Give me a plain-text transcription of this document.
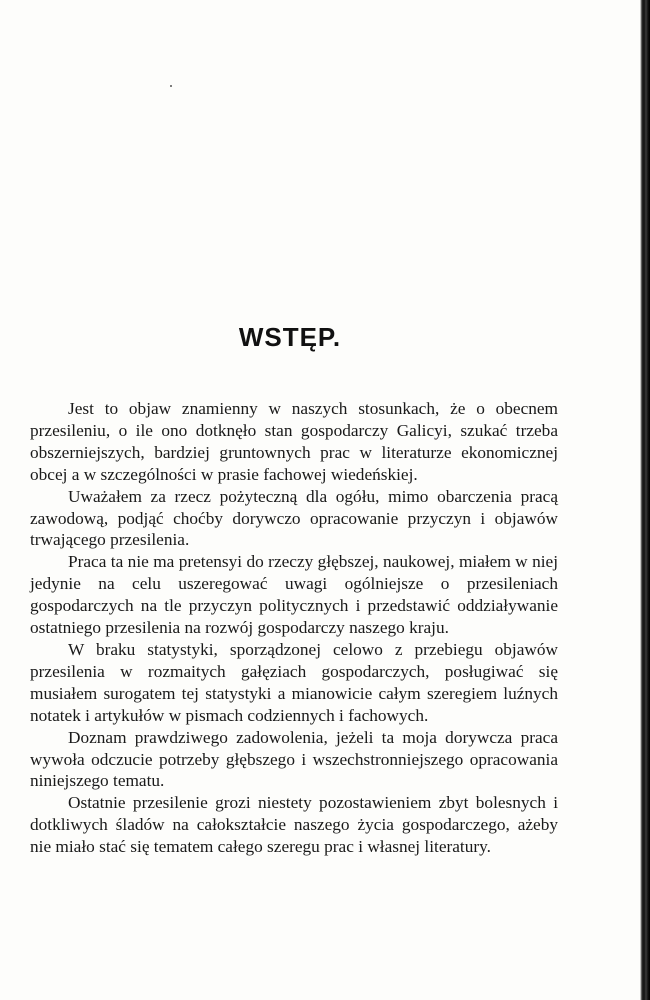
WSTĘP.

Jest to objaw znamienny w naszych stosunkach, że o obecnem przesileniu, o ile ono dotknęło stan gospodarczy Galicyi, szukać trzeba obszerniejszych, bardziej gruntownych prac w literaturze ekonomicznej obcej a w szczególności w prasie fachowej wiedeńskiej.

Uważałem za rzecz pożyteczną dla ogółu, mimo obarczenia pracą zawodową, podjąć choćby dorywczo opracowanie przyczyn i objawów trwającego przesilenia.

Praca ta nie ma pretensyi do rzeczy głębszej, naukowej, miałem w niej jedynie na celu uszeregować uwagi ogólniejsze o przesileniach gospodarczych na tle przyczyn politycznych i przedstawić oddziaływanie ostatniego przesilenia na rozwój gospodarczy naszego kraju.

W braku statystyki, sporządzonej celowo z przebiegu objawów przesilenia w rozmaitych gałęziach gospodarczych, posługiwać się musiałem surogatem tej statystyki a mianowicie całym szeregiem luźnych notatek i artykułów w pismach codziennych i fachowych.

Doznam prawdziwego zadowolenia, jeżeli ta moja dorywcza praca wywoła odczucie potrzeby głębszego i wszechstronniejszego opracowania niniejszego tematu.

Ostatnie przesilenie grozi niestety pozostawieniem zbyt bolesnych i dotkliwych śladów na całokształcie naszego życia gospodarczego, ażeby nie miało stać się tematem całego szeregu prac i własnej literatury.
